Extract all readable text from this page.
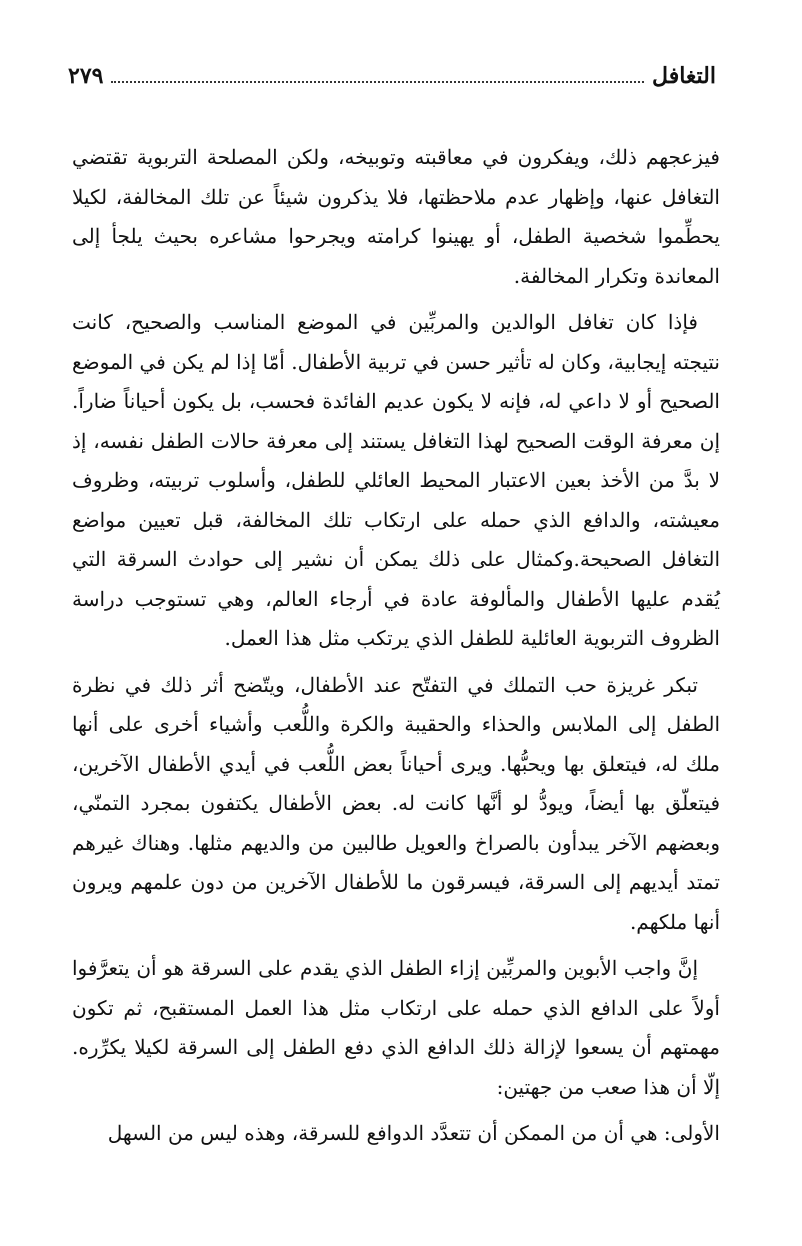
التغافل
٢٧٩

فيزعجهم ذلك، ويفكرون في معاقبته وتوبيخه، ولكن المصلحة التربوية تقتضي التغافل عنها، وإظهار عدم ملاحظتها، فلا يذكرون شيئاً عن تلك المخالفة، لكيلا يحطِّموا شخصية الطفل، أو يهينوا كرامته ويجرحوا مشاعره بحيث يلجأ إلى المعاندة وتكرار المخالفة.

فإذا كان تغافل الوالدين والمربِّين في الموضع المناسب والصحيح، كانت نتيجته إيجابية، وكان له تأثير حسن في تربية الأطفال. أمّا إذا لم يكن في الموضع الصحيح أو لا داعي له، فإنه لا يكون عديم الفائدة فحسب، بل يكون أحياناً ضاراً. إن معرفة الوقت الصحيح لهذا التغافل يستند إلى معرفة حالات الطفل نفسه، إذ لا بدَّ من الأخذ بعين الاعتبار المحيط العائلي للطفل، وأسلوب تربيته، وظروف معيشته، والدافع الذي حمله على ارتكاب تلك المخالفة، قبل تعيين مواضع التغافل الصحيحة.وكمثال على ذلك يمكن أن نشير إلى حوادث السرقة التي يُقدم عليها الأطفال والمألوفة عادة في أرجاء العالم، وهي تستوجب دراسة الظروف التربوية العائلية للطفل الذي يرتكب مثل هذا العمل.

تبكر غريزة حب التملك في التفتّح عند الأطفال، ويتّضح أثر ذلك في نظرة الطفل إلى الملابس والحذاء والحقيبة والكرة واللُّعب وأشياء أخرى على أنها ملك له، فيتعلق بها ويحبُّها. ويرى أحياناً بعض اللُّعب في أيدي الأطفال الآخرين، فيتعلّق بها أيضاً، ويودُّ لو أنَّها كانت له. بعض الأطفال يكتفون بمجرد التمنّي، وبعضهم الآخر يبدأون بالصراخ والعويل طالبين من والديهم مثلها. وهناك غيرهم تمتد أيديهم إلى السرقة، فيسرقون ما للأطفال الآخرين من دون علمهم ويرون أنها ملكهم.

إنَّ واجب الأبوين والمربِّين إزاء الطفل الذي يقدم على السرقة هو أن يتعرَّفوا أولاً على الدافع الذي حمله على ارتكاب مثل هذا العمل المستقبح، ثم تكون مهمتهم أن يسعوا لإزالة ذلك الدافع الذي دفع الطفل إلى السرقة لكيلا يكرِّره. إلّا أن هذا صعب من جهتين:

الأولى: هي أن من الممكن أن تتعدَّد الدوافع للسرقة، وهذه ليس من السهل
